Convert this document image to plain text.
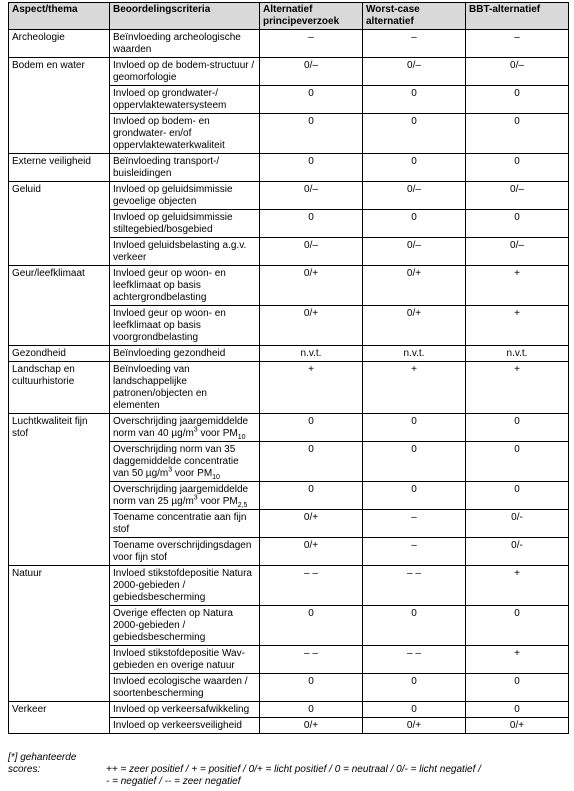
Aspect/thema	Beoordelingscriteria	Alternatief principeverzoek	Worst-case alternatief	BBT-alternatief
Archeologie	Beïnvloeding archeologische waarden	–	–	–
Bodem en water	Invloed op de bodem-structuur / geomorfologie	0/–	0/–	0/–
	Invloed op grondwater-/ oppervlaktewatersysteem	0	0	0
	Invloed op bodem- en grondwater- en/of oppervlaktewaterkwaliteit	0	0	0
Externe veiligheid	Beïnvloeding transport-/ buisleidingen	0	0	0
Geluid	Invloed op geluidsimmissie gevoelige objecten	0/–	0/–	0/–
	Invloed op geluidsimmissie stiltegebied/bosgebied	0	0	0
	Invloed geluidsbelasting a.g.v. verkeer	0/–	0/–	0/–
Geur/leefklimaat	Invloed geur op woon- en leefklimaat op basis achtergrondbelasting	0/+	0/+	+
	Invloed geur op woon- en leefklimaat op basis voorgrondbelasting	0/+	0/+	+
Gezondheid	Beïnvloeding gezondheid	n.v.t.	n.v.t.	n.v.t.
Landschap en cultuurhistorie	Beïnvloeding van landschappelijke patronen/objecten en elementen	+	+	+
Luchtkwaliteit fijn stof	Overschrijding jaargemiddelde norm van 40 $\mu g/m^3$ voor $PM_{10}$	0	0	0
	Overschrijding norm van 35 daggemiddelde concentratie van 50 $\mu g/m^3$ voor $PM_{10}$	0	0	0
	Overschrijding jaargemiddelde norm van 25 $\mu g/m^3$ voor $PM_{2,5}$	0	0	0
	Toename concentratie aan fijn stof	0/+	–	0/-
	Toename overschrijdingsdagen voor fijn stof	0/+	–	0/-
Natuur	Invloed stikstofdepositie Natura 2000-gebieden / gebiedsbescherming	– –	– –	+
	Overige effecten op Natura 2000-gebieden / gebiedsbescherming	0	0	0
	Invloed stikstofdepositie Wav-gebieden en overige natuur	– –	– –	+
	Invloed ecologische waarden / soortenbescherming	0	0	0
Verkeer	Invloed op verkeersafwikkeling	0	0	0
	Invloed op verkeersveiligheid	0/+	0/+	0/+
[*] gehanteerde scores:	++ = zeer positief / + = positief / 0/+ = licht positief / 0 = neutraal / 0/- = licht negatief /
- = negatief / -- = zeer negatief
